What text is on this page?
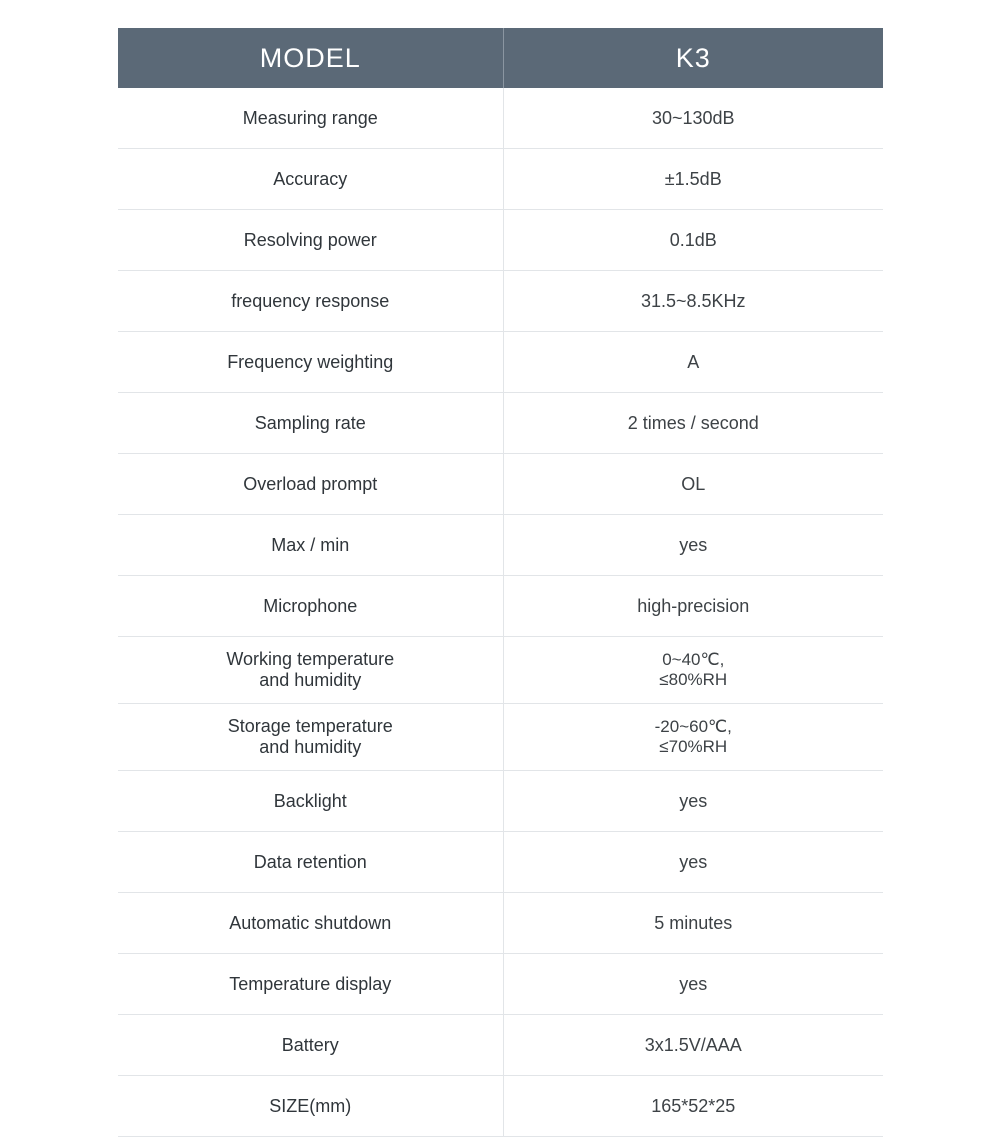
MODEL	K3
Measuring range	30~130dB
Accuracy	±1.5dB
Resolving power	0.1dB
frequency response	31.5~8.5KHz
Frequency weighting	A
Sampling rate	2 times / second
Overload prompt	OL
Max / min	yes
Microphone	high-precision

Working temperature
and humidity	0~40℃,
≤80%RH

Storage temperature
and humidity	-20~60℃,
≤70%RH

Backlight	yes
Data retention	yes
Automatic shutdown	5 minutes
Temperature display	yes
Battery	3x1.5V/AAA
SIZE(mm)	165*52*25
